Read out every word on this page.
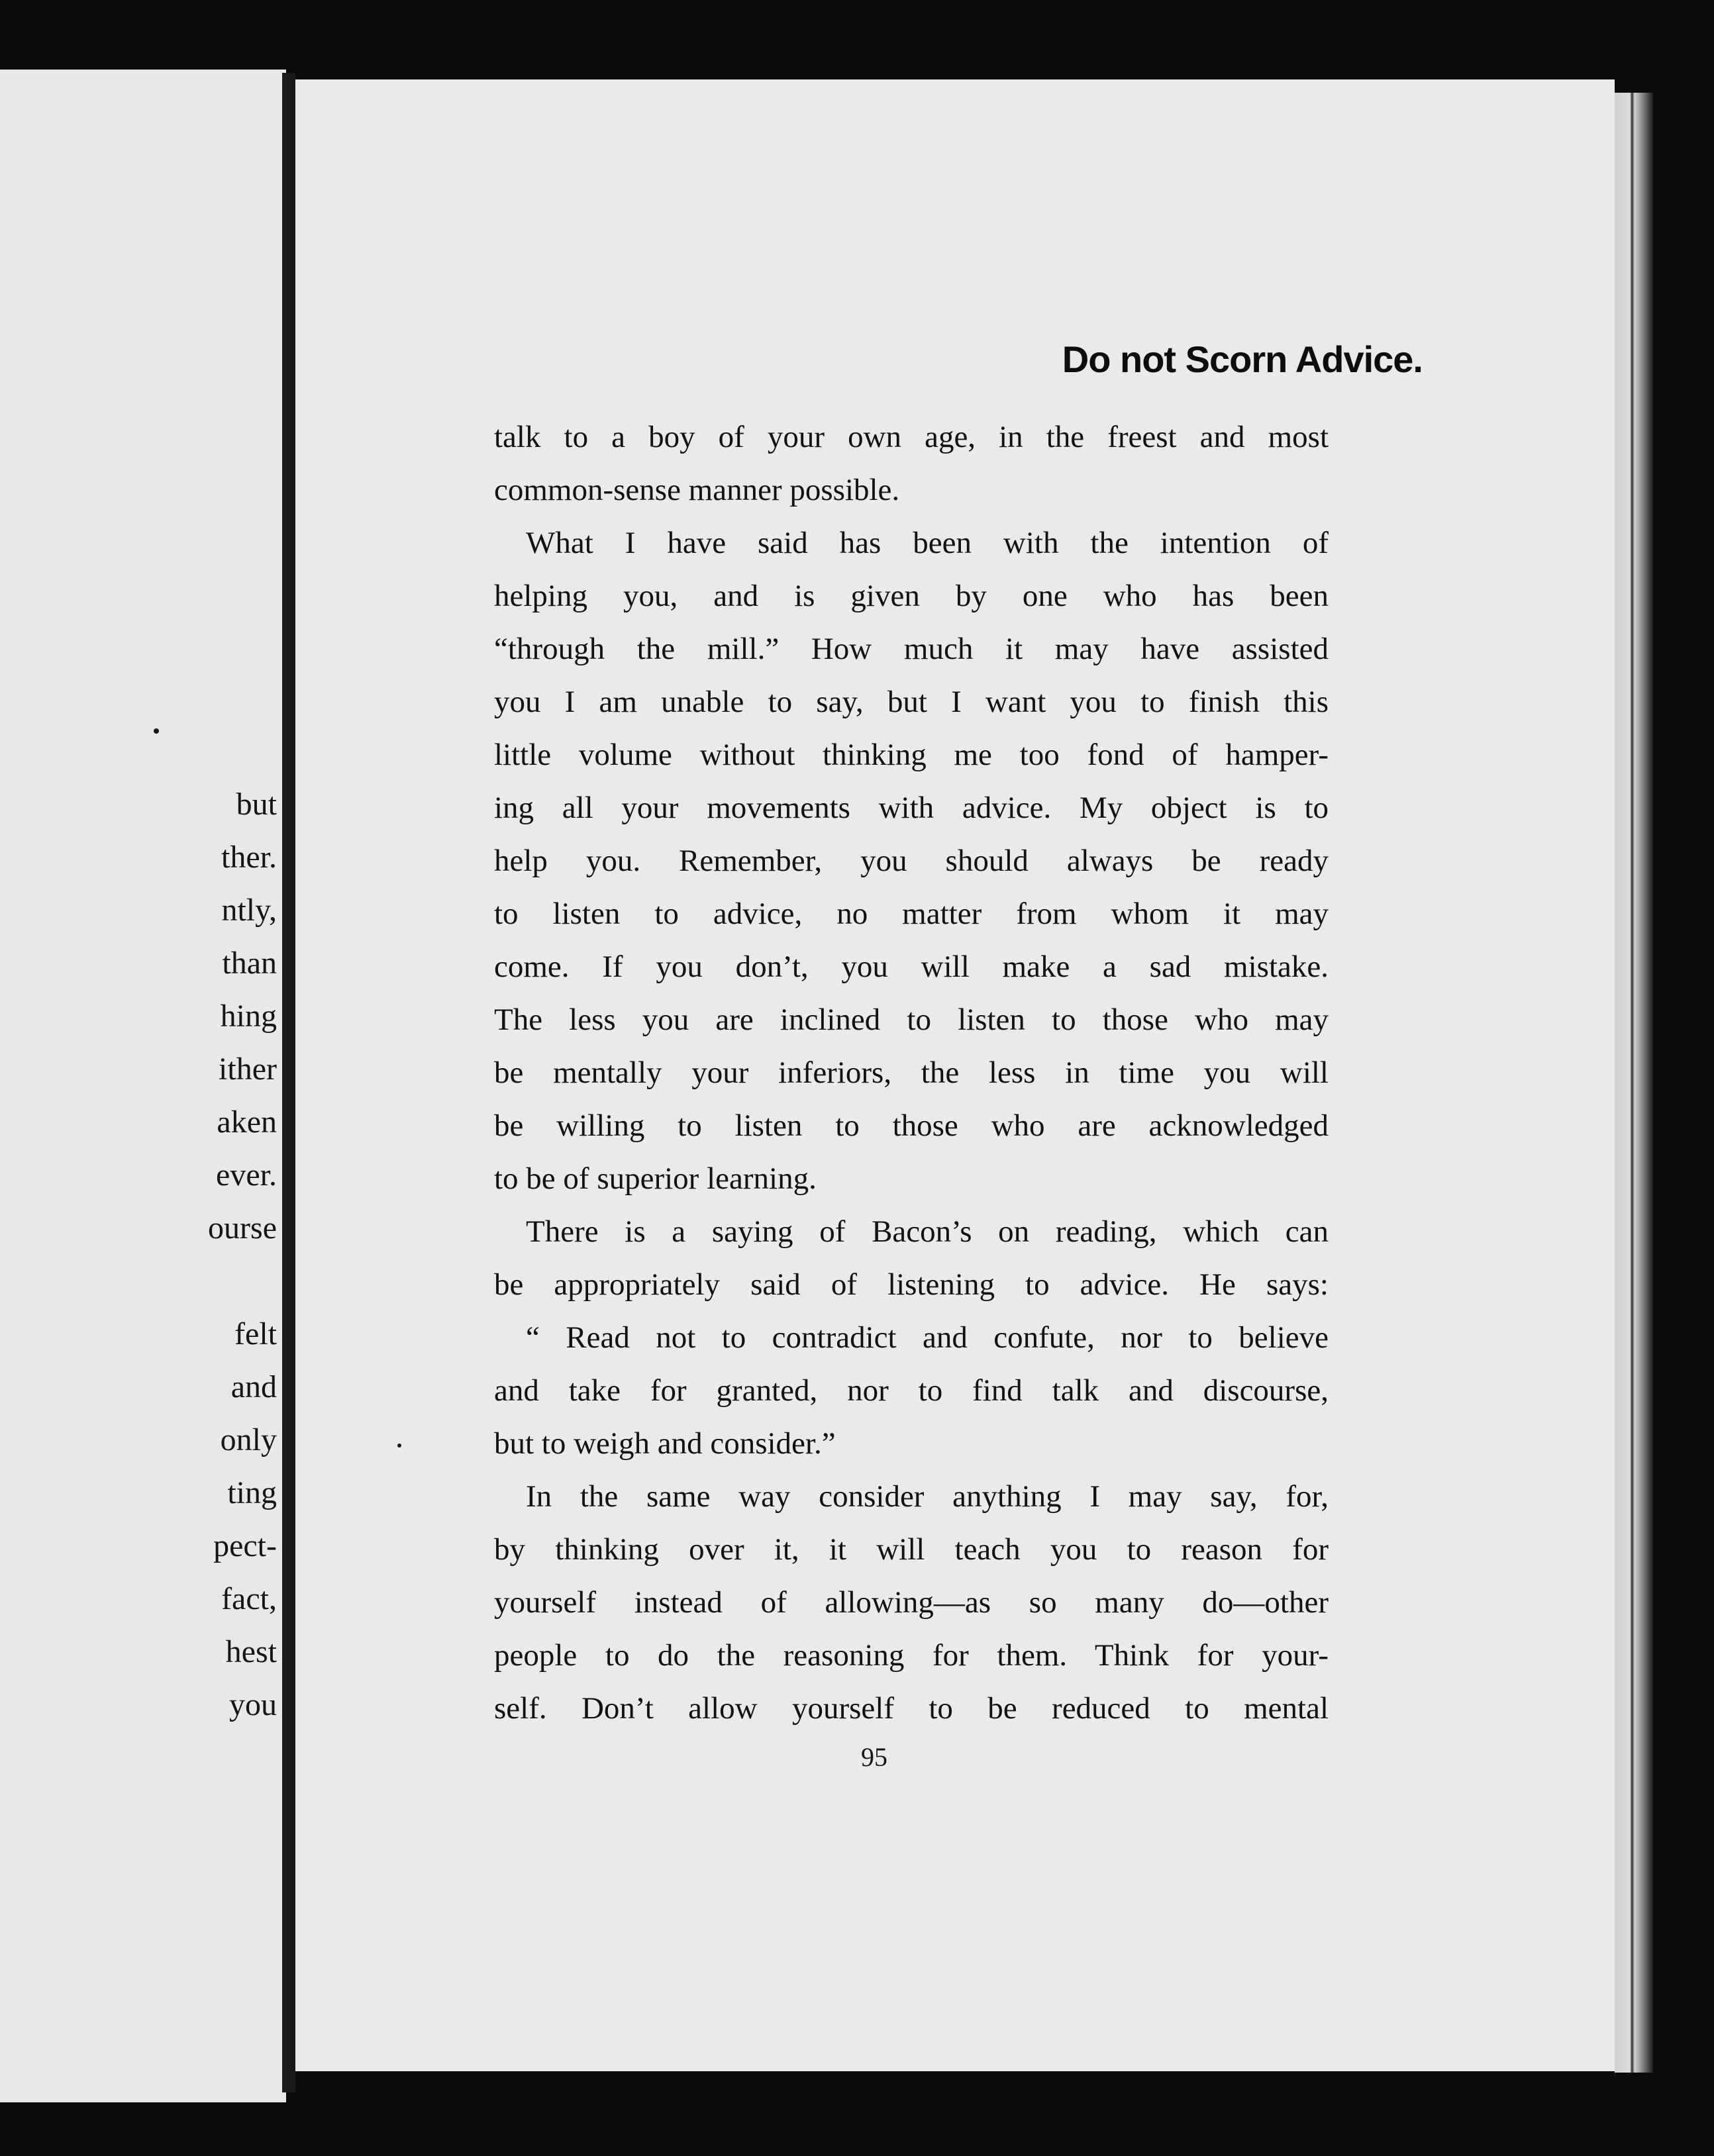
but
ther.
ntly,
than
hing
ither
aken
ever.
ourse
felt
and
only
ting
pect-
fact,
hest
you
Do not Scorn Advice.
talk to a boy of your own age, in the freest and most
common-sense manner possible.
What I have said has been with the intention of
helping you, and is given by one who has been
“through the mill.” How much it may have assisted
you I am unable to say, but I want you to finish this
little volume without thinking me too fond of hamper-
ing all your movements with advice. My object is to
help you. Remember, you should always be ready
to listen to advice, no matter from whom it may
come. If you don’t, you will make a sad mistake.
The less you are inclined to listen to those who may
be mentally your inferiors, the less in time you will
be willing to listen to those who are acknowledged
to be of superior learning.
There is a saying of Bacon’s on reading, which can
be appropriately said of listening to advice. He says:
“ Read not to contradict and confute, nor to believe
and take for granted, nor to find talk and discourse,
but to weigh and consider.”
In the same way consider anything I may say, for,
by thinking over it, it will teach you to reason for
yourself instead of allowing—as so many do—other
people to do the reasoning for them. Think for your-
self. Don’t allow yourself to be reduced to mental
95
